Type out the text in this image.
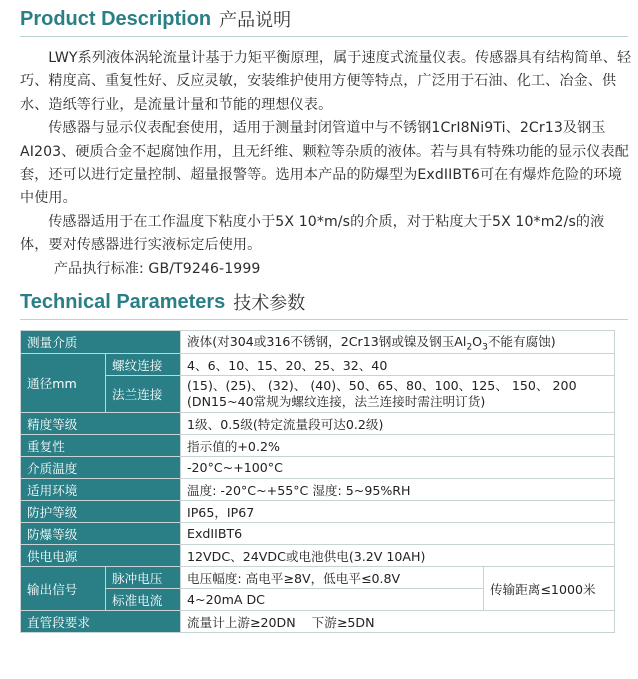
Product Description 产品说明

LWY系列液体涡轮流量计基于力矩平衡原理，属于速度式流量仪表。传感器具有结构简单、轻巧、精度高、重复性好、反应灵敏，安装维护使用方便等特点，广泛用于石油、化工、冶金、供水、造纸等行业，是流量计量和节能的理想仪表。

传感器与显示仪表配套使用，适用于测量封闭管道中与不锈钢1CrI8Ni9Ti、2Cr13及钢玉AI203、硬质合金不起腐蚀作用，且无纤维、颗粒等杂质的液体。若与具有特殊功能的显示仪表配套，还可以进行定量控制、超量报警等。选用本产品的防爆型为ExdIIBT6可在有爆炸危险的环境中使用。

传感器适用于在工作温度下粘度小于5X 10*m/s的介质，对于粘度大于5X 10*m2/s的液体，要对传感器进行实液标定后使用。

产品执行标准: GB/T9246-1999

Technical Parameters 技术参数
测量介质		液体(对304或316不锈钢，2Cr13钢或镍及钢玉$Al_2O_3$不能有腐蚀)	
通径mm	螺纹连接	4、6、10、15、20、25、32、40	
	法兰连接	(15)、(25)、 (32)、 (40)、50、65、80、100、125、 150、 200
(DN15~40常规为螺纹连接，法兰连接时需注明订货)	

精度等级		1级、0.5级(特定流量段可达0.2级)	
重复性		指示值的+0.2%	
介质温度		-20°C~+100°C	
适用环境		温度: -20°C~+55°C 湿度: 5~95%RH	
防护等级		IP65，IP67	
防爆等级		ExdIIBT6	
供电电源		12VDC、24VDC或电池供电(3.2V 10AH)	
输出信号	脉冲电压	电压幅度: 高电平≥8V，低电平≤0.8V	传输距离≤1000米
	标准电流	4~20mA DC	
直管段要求		流量计上游≥20DN    下游≥5DN	
